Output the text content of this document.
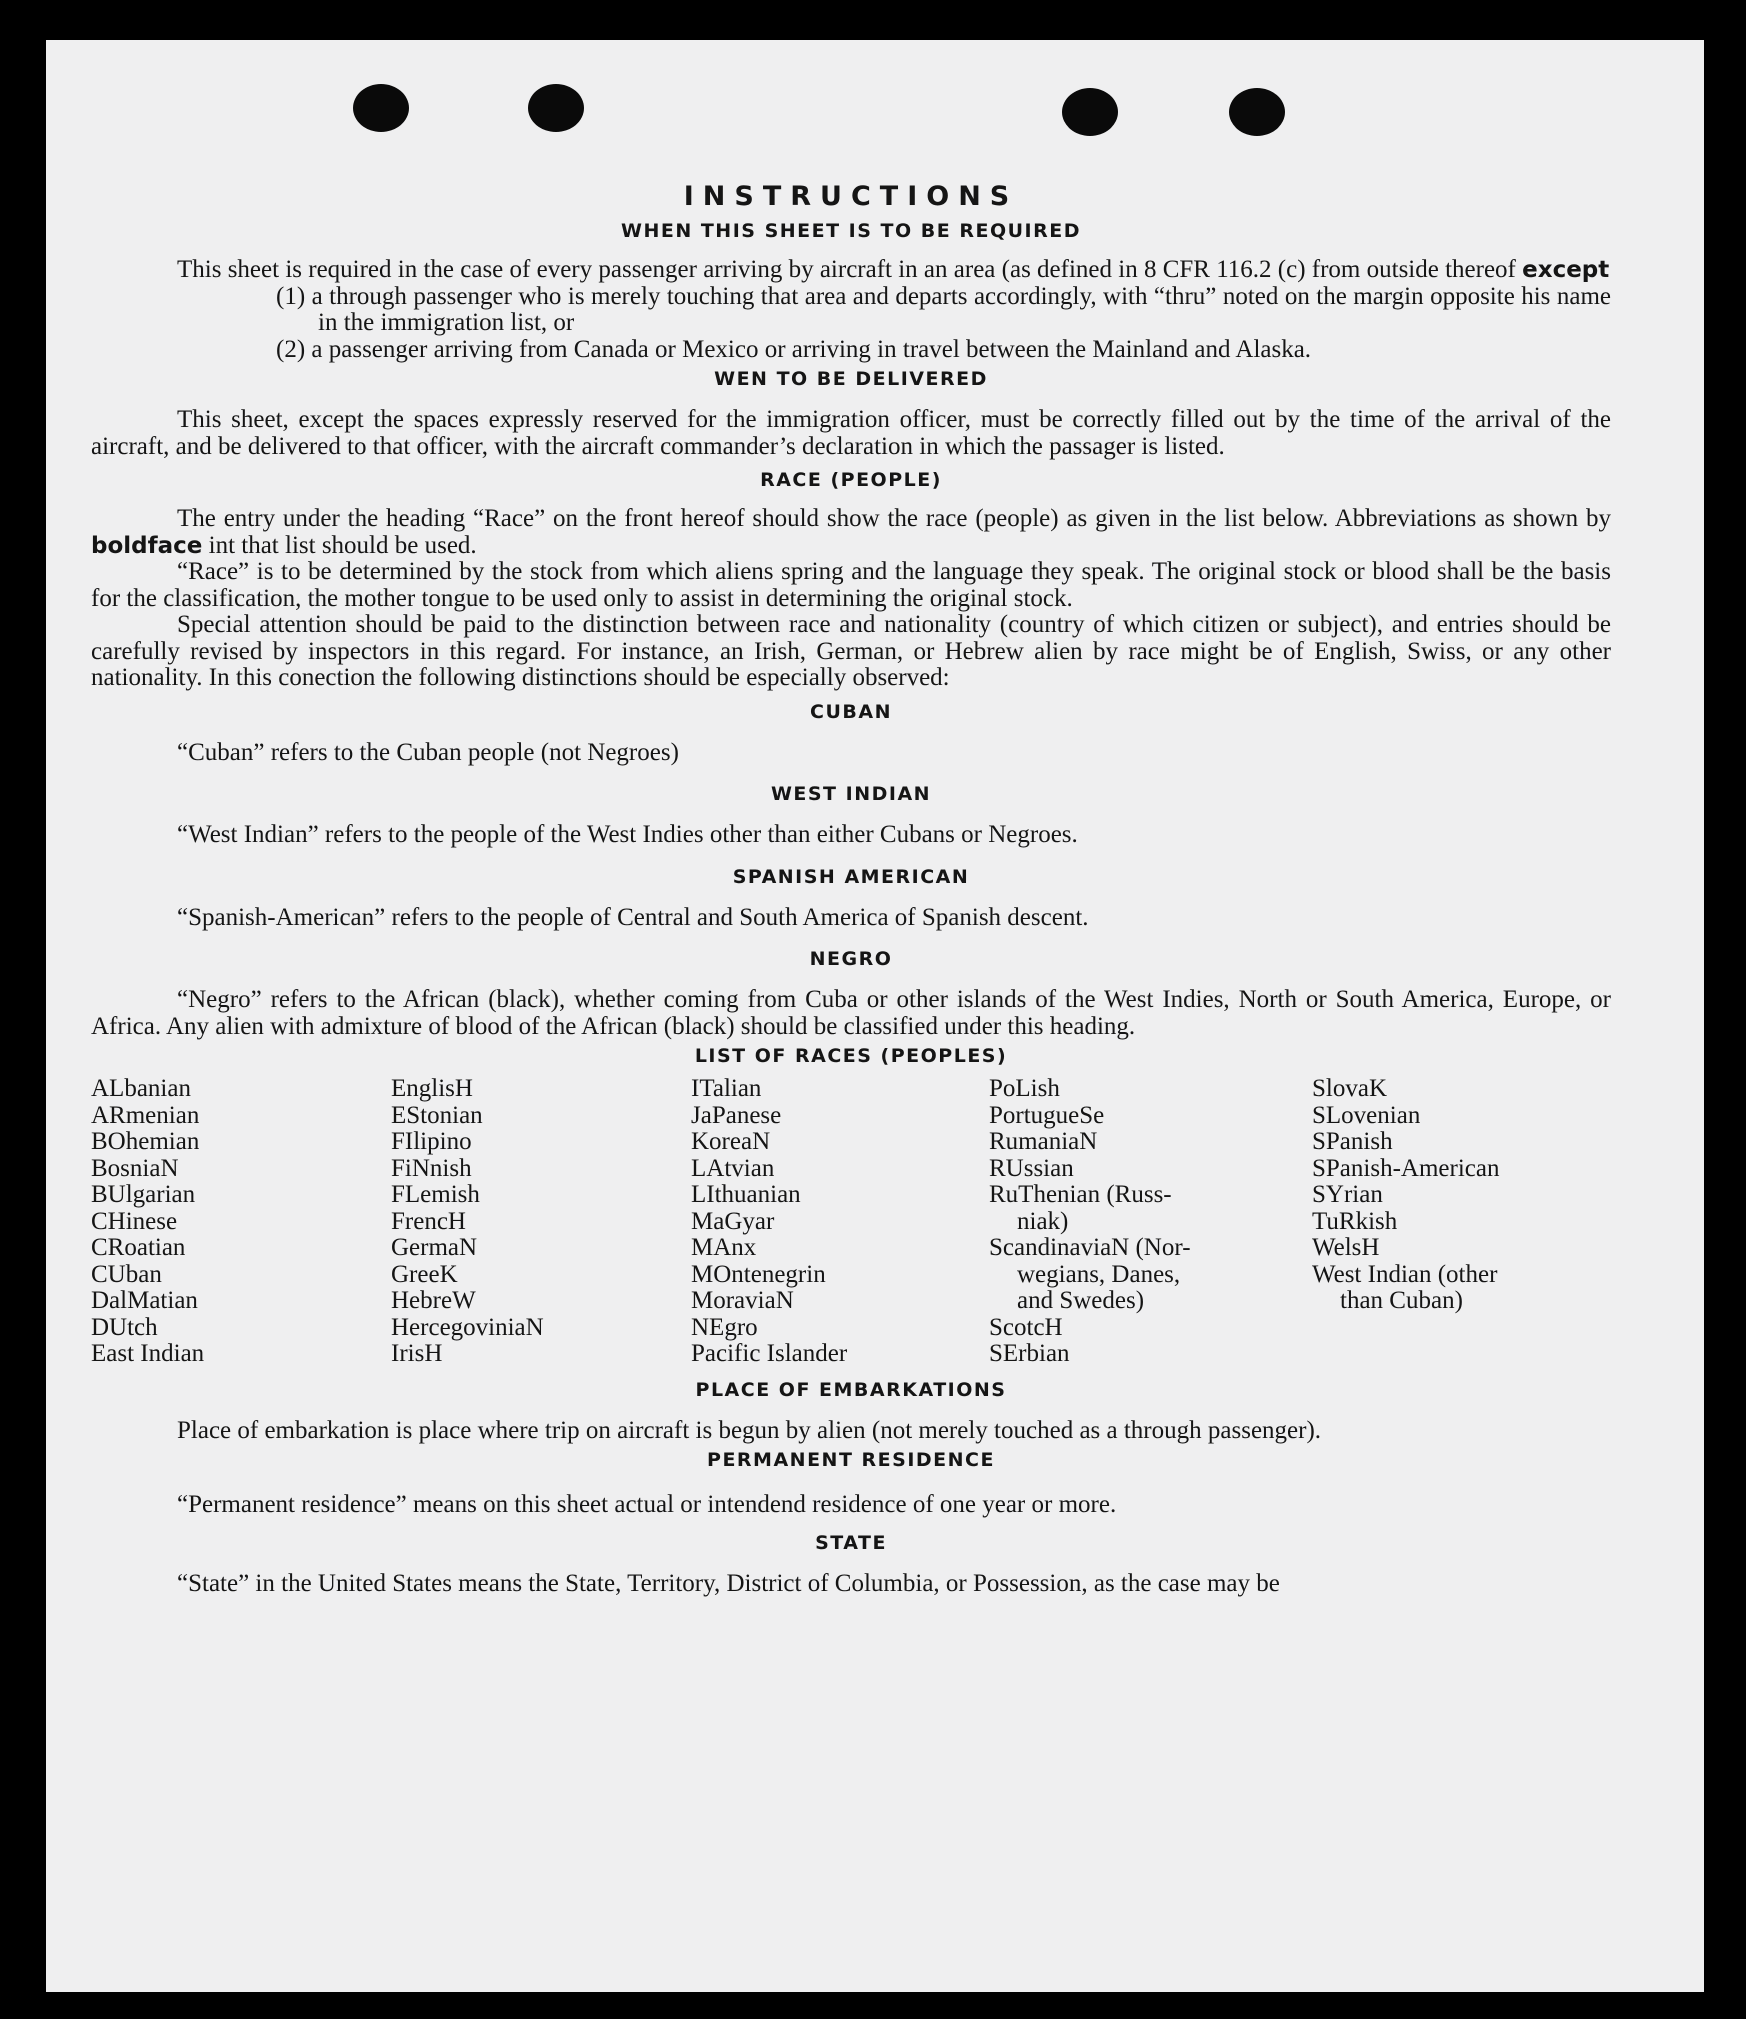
INSTRUCTIONS
WHEN THIS SHEET IS TO BE REQUIRED

This sheet is required in the case of every passenger arriving by aircraft in an area (as defined in 8 CFR 116.2 (c) from outside thereof except

(1) a through passenger who is merely touching that area and departs accordingly, with “thru” noted on the margin opposite his name in the immigration list, or

(2) a passenger arriving from Canada or Mexico or arriving in travel between the Mainland and Alaska.

WEN TO BE DELIVERED

This sheet, except the spaces expressly reserved for the immigration officer, must be correctly filled out by the time of the arrival of the aircraft, and be delivered to that officer, with the aircraft commander’s declaration in which the passager is listed.

RACE (PEOPLE)

The entry under the heading “Race” on the front hereof should show the race (people) as given in the list below. Abbreviations as shown by boldface int that list should be used.

“Race” is to be determined by the stock from which aliens spring and the language they speak. The original stock or blood shall be the basis for the classification, the mother tongue to be used only to assist in determining the original stock.

Special attention should be paid to the distinction between race and nationality (country of which citizen or subject), and entries should be carefully revised by inspectors in this regard. For instance, an Irish, German, or Hebrew alien by race might be of English, Swiss, or any other nationality. In this conection the following distinctions should be especially observed:

CUBAN

“Cuban” refers to the Cuban people (not Negroes)

WEST INDIAN

“West Indian” refers to the people of the West Indies other than either Cubans or Negroes.

SPANISH AMERICAN

“Spanish-American” refers to the people of Central and South America of Spanish descent.

NEGRO

“Negro” refers to the African (black), whether coming from Cuba or other islands of the West Indies, North or South America, Europe, or Africa. Any alien with admixture of blood of the African (black) should be classified under this heading.

LIST OF RACES (PEOPLES)
ALbanian
ARmenian
BOhemian
BosniaN
BUlgarian
CHinese
CRoatian
CUban
DalMatian
DUtch
East Indian
EnglisH
EStonian
FIlipino
FiNnish
FLemish
FrencH
GermaN
GreeK
HebreW
HercegoviniaN
IrisH
ITalian
JaPanese
KoreaN
LAtvian
LIthuanian
MaGyar
MAnx
MOntenegrin
MoraviaN
NEgro
Pacific Islander
PoLish
PortugueSe
RumaniaN
RUssian
RuThenian (Russ-
niak)
ScandinaviaN (Nor-
wegians, Danes,
and Swedes)
ScotcH
SErbian
SlovaK
SLovenian
SPanish
SPanish-American
SYrian
TuRkish
WelsH
West Indian (other
than Cuban)
PLACE OF EMBARKATIONS

Place of embarkation is place where trip on aircraft is begun by alien (not merely touched as a through passenger).

PERMANENT RESIDENCE

“Permanent residence” means on this sheet actual or intendend residence of one year or more.

STATE

“State” in the United States means the State, Territory, District of Columbia, or Possession, as the case may be
